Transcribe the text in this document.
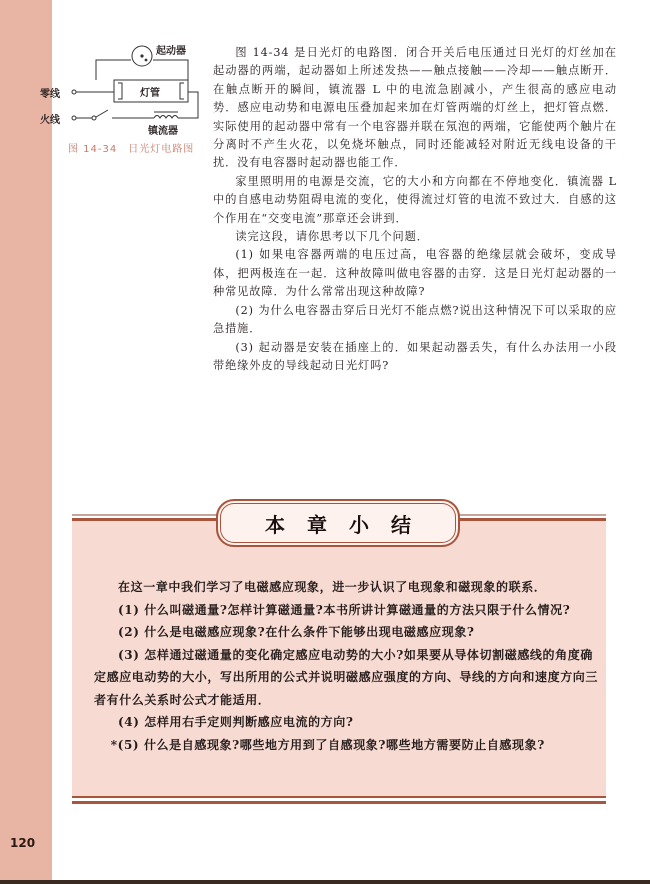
120
起动器
灯管
零线
火线
镇流器
图 14-34　日光灯电路图

图 14-34 是日光灯的电路图．闭合开关后电压通过日光灯的灯丝加在起动器的两端，起动器如上所述发热——触点接触——冷却——触点断开．在触点断开的瞬间，镇流器 L 中的电流急剧减小，产生很高的感应电动势．感应电动势和电源电压叠加起来加在灯管两端的灯丝上，把灯管点燃．实际使用的起动器中常有一个电容器并联在氖泡的两端，它能使两个触片在分离时不产生火花，以免烧坏触点，同时还能减轻对附近无线电设备的干扰．没有电容器时起动器也能工作．

家里照明用的电源是交流，它的大小和方向都在不停地变化．镇流器 L 中的自感电动势阻碍电流的变化，使得流过灯管的电流不致过大．自感的这个作用在“交变电流”那章还会讲到．

读完这段，请你思考以下几个问题．

(1) 如果电容器两端的电压过高，电容器的绝缘层就会破坏，变成导体，把两极连在一起．这种故障叫做电容器的击穿．这是日光灯起动器的一种常见故障．为什么常常出现这种故障?

(2) 为什么电容器击穿后日光灯不能点燃?说出这种情况下可以采取的应急措施．

(3) 起动器是安装在插座上的．如果起动器丢失，有什么办法用一小段带绝缘外皮的导线起动日光灯吗?

本章小结

在这一章中我们学习了电磁感应现象，进一步认识了电现象和磁现象的联系．

(1) 什么叫磁通量?怎样计算磁通量?本书所讲计算磁通量的方法只限于什么情况?

(2) 什么是电磁感应现象?在什么条件下能够出现电磁感应现象?

(3) 怎样通过磁通量的变化确定感应电动势的大小?如果要从导体切割磁感线的角度确定感应电动势的大小，写出所用的公式并说明磁感应强度的方向、导线的方向和速度方向三者有什么关系时公式才能适用．

(4) 怎样用右手定则判断感应电流的方向?

*(5) 什么是自感现象?哪些地方用到了自感现象?哪些地方需要防止自感现象?
